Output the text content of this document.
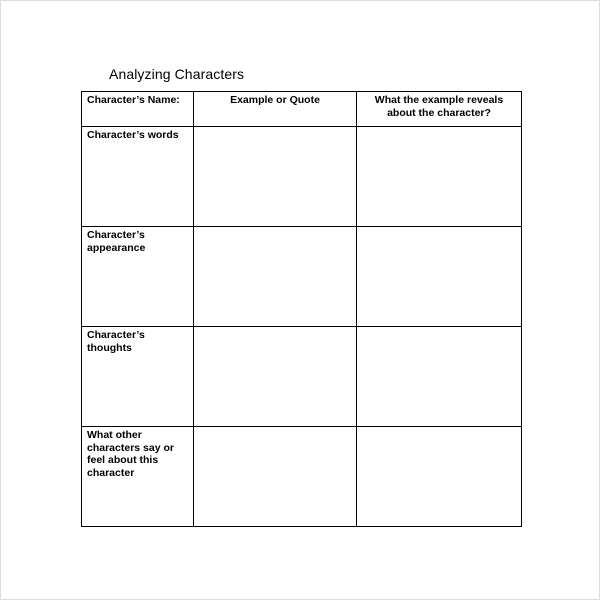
Analyzing Characters
Character’s Name:	Example or Quote	What the example reveals about the character?
Character’s words		
Character’s appearance		
Character’s thoughts		
What other characters say or feel about this character		
